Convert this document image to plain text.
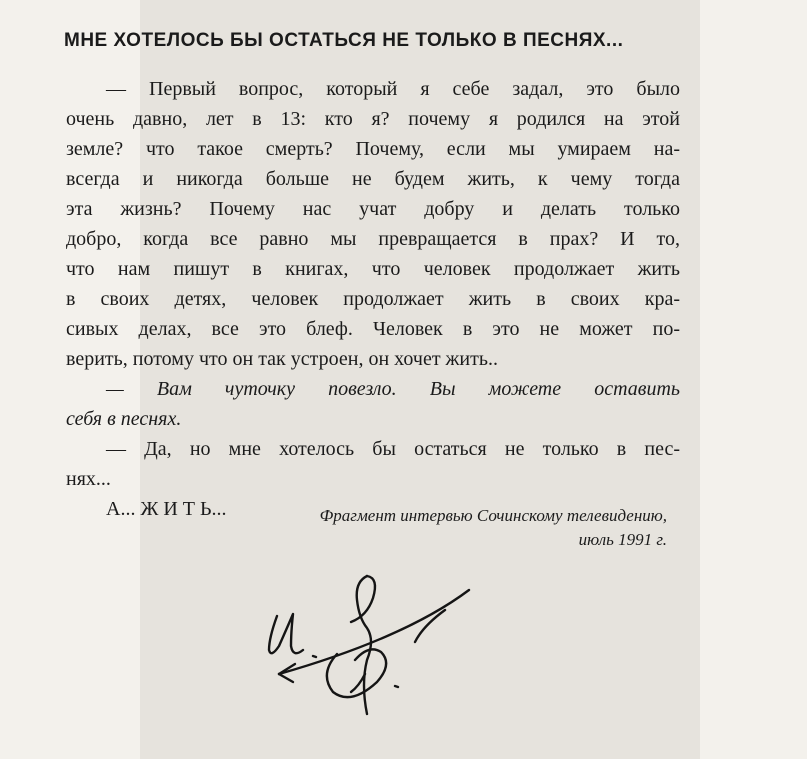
МНЕ ХОТЕЛОСЬ БЫ ОСТАТЬСЯ НЕ ТОЛЬКО В ПЕСНЯХ...
— Первый вопрос, который я себе задал, это было
очень давно, лет в 13: кто я? почему я родился на этой
земле? что такое смерть? Почему, если мы умираем на-
всегда и никогда больше не будем жить, к чему тогда
эта жизнь? Почему нас учат добру и делать только
добро, когда все равно мы превращается в прах? И то,
что нам пишут в книгах, что человек продолжает жить
в своих детях, человек продолжает жить в своих кра-
сивых делах, все это блеф. Человек в это не может по-
верить, потому что он так устроен, он хочет жить..
— Вам чуточку повезло. Вы можете оставить
себя в песнях.
— Да, но мне хотелось бы остаться не только в пес-
нях...
А... Ж И Т Ь...	Фрагмент интервью Сочинскому телевидению,
июль 1991 г.
